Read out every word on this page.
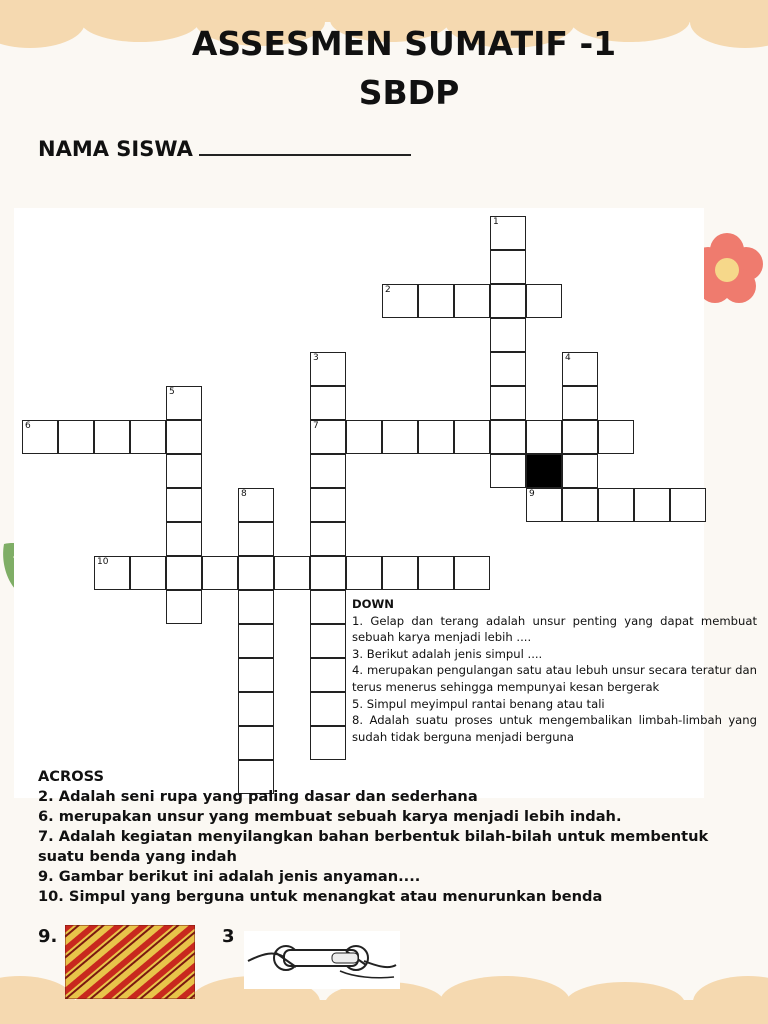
ASSESMEN SUMATIF -1
SBDP
NAMA SISWA
1
2
3
7
4
5
6
8	9
10

DOWN

1. Gelap dan terang adalah unsur penting yang dapat membuat sebuah karya menjadi lebih ....

3. Berikut adalah jenis simpul ....

4. merupakan pengulangan satu atau lebuh unsur secara teratur dan terus menerus sehingga mempunyai kesan bergerak

5. Simpul meyimpul rantai benang atau tali

8. Adalah suatu proses untuk mengembalikan limbah-limbah yang sudah tidak berguna menjadi berguna

ACROSS

2. Adalah seni rupa yang paling dasar dan sederhana

6. merupakan unsur yang membuat sebuah karya menjadi lebih indah.

7. Adalah kegiatan menyilangkan bahan berbentuk bilah-bilah untuk membentuk suatu benda yang indah

9. Gambar berikut ini adalah jenis anyaman....

10. Simpul yang berguna untuk menangkat atau menurunkan benda

9.	3
